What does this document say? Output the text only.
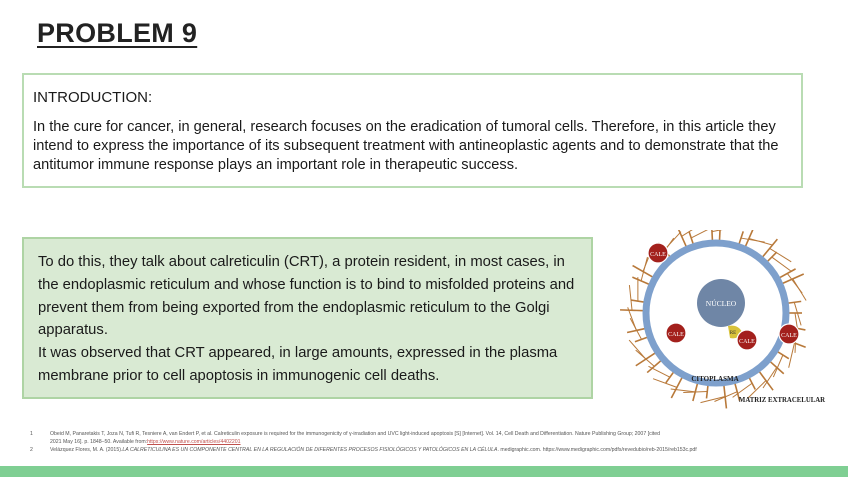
PROBLEM 9

INTRODUCTION:

In the cure for cancer, in general, research focuses on the eradication of tumoral cells. Therefore, in this article they intend to express the importance of its subsequent treatment with antineoplastic agents and to demonstrate that the antitumor immune response plays an important role in therapeutic success.

To do this, they talk about calreticulin (CRT), a protein resident, in most cases, in the endoplasmic reticulum and whose function is to bind to misfolded proteins and prevent them from being exported from the endoplasmic reticulum to the Golgi apparatus.
It was observed that CRT appeared, in large amounts, expressed in the plasma membrane prior to cell apoptosis in immunogenic cell deaths.

NÚCLEO
RE
CALE
CALE
CALE
CALE
CITOPLASMA
MATRIZ EXTRACELULAR
1	Obeid M, Panaretakis T, Joza N, Tufi R, Tesniere A, van Endert P, et al. Calreticulin exposure is required for the immunogenicity of γ-irradiation and UVC light-induced apoptosis [S] [Internet]. Vol. 14, Cell Death and Differentiation. Nature Publishing Group; 2007 [cited
2021 May 16]. p. 1848–50. Available from: https://www.nature.com/articles/4402201
2	Velázquez Flores, M. A. (2015). LA CALRETICULINA ES UN COMPONENTE CENTRAL EN LA REGULACIÓN DE DIFERENTES PROCESOS FISIOLÓGICOS Y PATOLÓGICOS EN LA CÉLULA . medigraphic.com. https://www.medigraphic.com/pdfs/revedubio/reb-2015/reb153c.pdf
